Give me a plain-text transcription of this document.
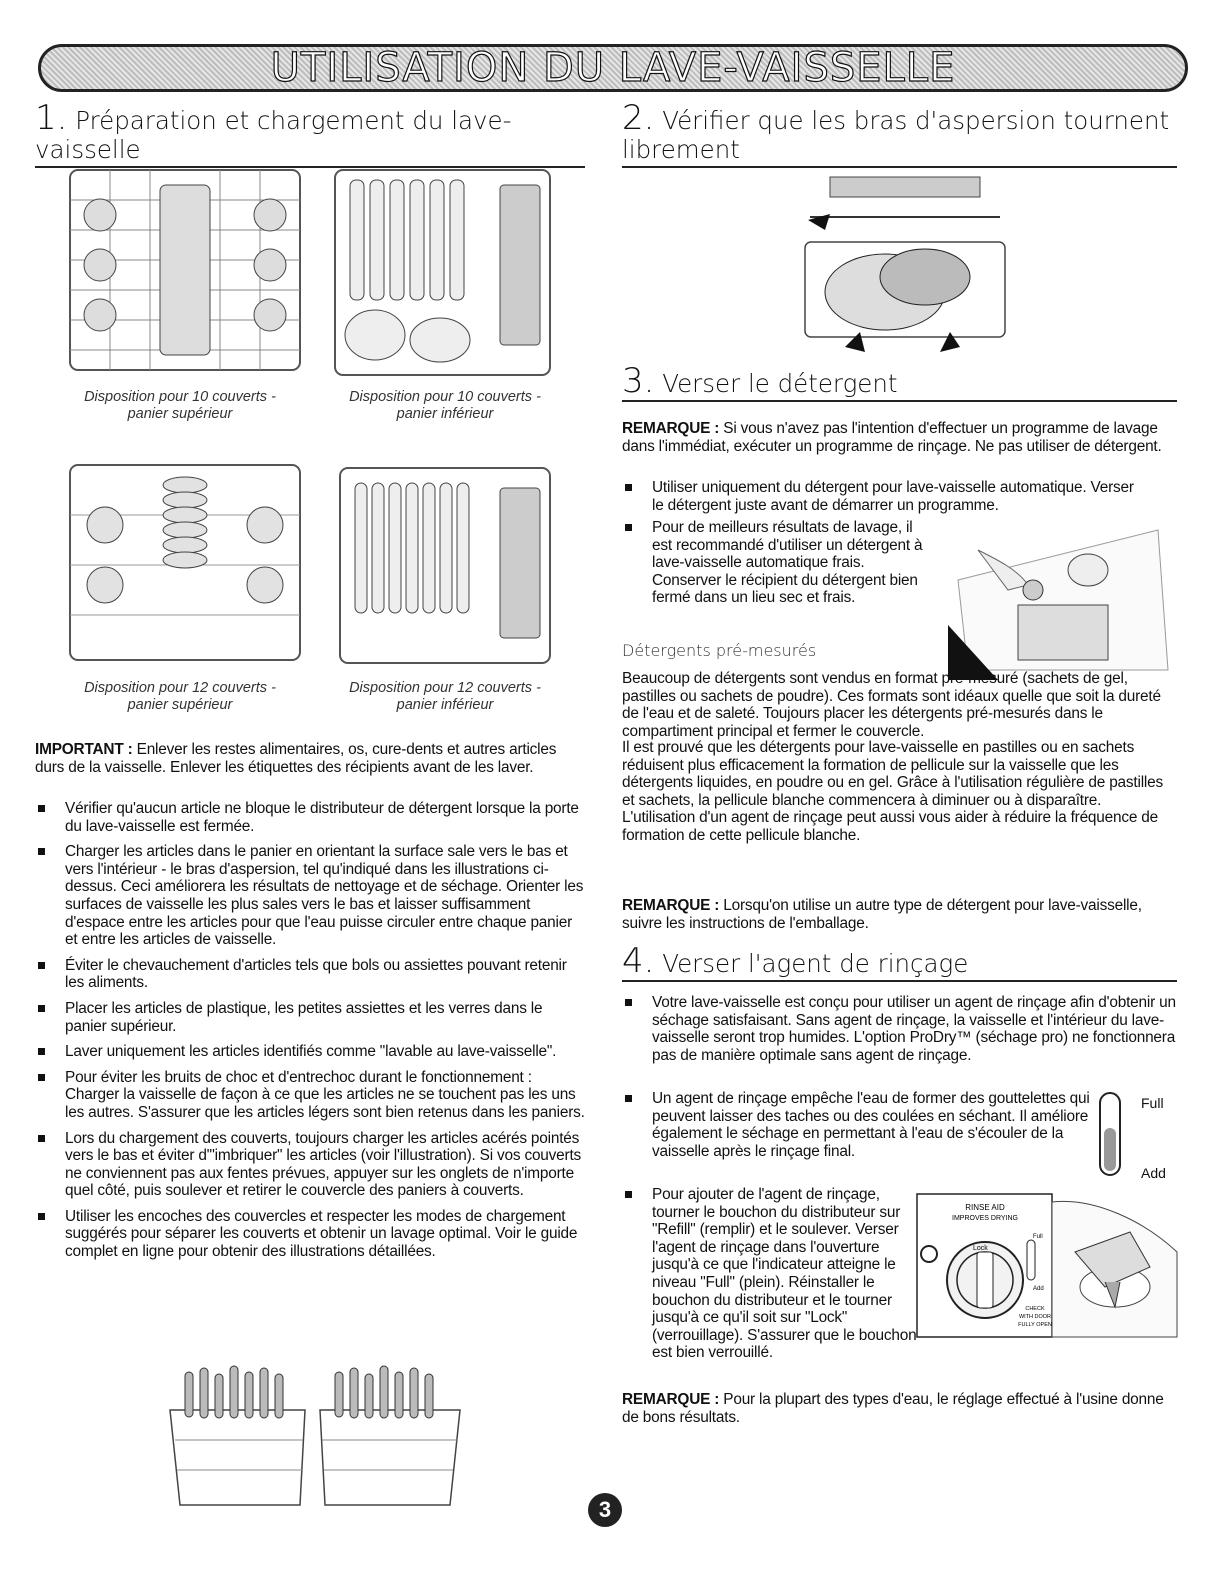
UTILISATION DU LAVE-VAISSELLE
1. Préparation et chargement du lave-vaisselle
Disposition pour 10 couverts -
panier supérieur
Disposition pour 10 couverts -
panier inférieur
Disposition pour 12 couverts -
panier supérieur
Disposition pour 12 couverts -
panier inférieur
IMPORTANT : Enlever les restes alimentaires, os, cure-dents et autres articles durs de la vaisselle. Enlever les étiquettes des récipients avant de les laver.
Vérifier qu'aucun article ne bloque le distributeur de détergent lorsque la porte du lave-vaisselle est fermée.
Charger les articles dans le panier en orientant la surface sale vers le bas et vers l'intérieur - le bras d'aspersion, tel qu'indiqué dans les illustrations ci-dessus. Ceci améliorera les résultats de nettoyage et de séchage. Orienter les surfaces de vaisselle les plus sales vers le bas et laisser suffisamment d'espace entre les articles pour que l'eau puisse circuler entre chaque panier et entre les articles de vaisselle.
Éviter le chevauchement d'articles tels que bols ou assiettes pouvant retenir les aliments.
Placer les articles de plastique, les petites assiettes et les verres dans le panier supérieur.
Laver uniquement les articles identifiés comme "lavable au lave-vaisselle".
Pour éviter les bruits de choc et d'entrechoc durant le fonctionnement : Charger la vaisselle de façon à ce que les articles ne se touchent pas les uns les autres. S'assurer que les articles légers sont bien retenus dans les paniers.
Lors du chargement des couverts, toujours charger les articles acérés pointés vers le bas et éviter d'"imbriquer" les articles (voir l'illustration). Si vos couverts ne conviennent pas aux fentes prévues, appuyer sur les onglets de n'importe quel côté, puis soulever et retirer le couvercle des paniers à couverts.
Utiliser les encoches des couvercles et respecter les modes de chargement suggérés pour séparer les couverts et obtenir un lavage optimal. Voir le guide complet en ligne pour obtenir des illustrations détaillées.
2. Vérifier que les bras d'aspersion tournent librement
3. Verser le détergent
REMARQUE : Si vous n'avez pas l'intention d'effectuer un programme de lavage dans l'immédiat, exécuter un programme de rinçage. Ne pas utiliser de détergent.
Utiliser uniquement du détergent pour lave-vaisselle automatique. Verser le détergent juste avant de démarrer un programme.
Pour de meilleurs résultats de lavage, il est recommandé d'utiliser un détergent à lave-vaisselle automatique frais. Conserver le récipient du détergent bien fermé dans un lieu sec et frais.
Détergents pré-mesurés
Beaucoup de détergents sont vendus en format pré-mesuré (sachets de gel, pastilles ou sachets de poudre). Ces formats sont idéaux quelle que soit la dureté de l'eau et de saleté. Toujours placer les détergents pré-mesurés dans le compartiment principal et fermer le couvercle.
Il est prouvé que les détergents pour lave-vaisselle en pastilles ou en sachets réduisent plus efficacement la formation de pellicule sur la vaisselle que les détergents liquides, en poudre ou en gel. Grâce à l'utilisation régulière de pastilles et sachets, la pellicule blanche commencera à diminuer ou à disparaître. L'utilisation d'un agent de rinçage peut aussi vous aider à réduire la fréquence de formation de cette pellicule blanche.
REMARQUE : Lorsqu'on utilise un autre type de détergent pour lave-vaisselle, suivre les instructions de l'emballage.
4. Verser l'agent de rinçage
Votre lave-vaisselle est conçu pour utiliser un agent de rinçage afin d'obtenir un séchage satisfaisant. Sans agent de rinçage, la vaisselle et l'intérieur du lave-vaisselle seront trop humides. L'option ProDry™ (séchage pro) ne fonctionnera pas de manière optimale sans agent de rinçage.
Un agent de rinçage empêche l'eau de former des gouttelettes qui peuvent laisser des taches ou des coulées en séchant. Il améliore également le séchage en permettant à l'eau de s'écouler de la vaisselle après le rinçage final.
Full
Add
Pour ajouter de l'agent de rinçage, tourner le bouchon du distributeur sur "Refill" (remplir) et le soulever. Verser l'agent de rinçage dans l'ouverture jusqu'à ce que l'indicateur atteigne le niveau "Full" (plein). Réinstaller le bouchon du distributeur et le tourner jusqu'à ce qu'il soit sur "Lock" (verrouillage). S'assurer que le bouchon est bien verrouillé.
RINSE AID
IMPROVES DRYING
Lock
Full
Add
CHECK
WITH DOOR
FULLY OPEN
REMARQUE : Pour la plupart des types d'eau, le réglage effectué à l'usine donne de bons résultats.
3
